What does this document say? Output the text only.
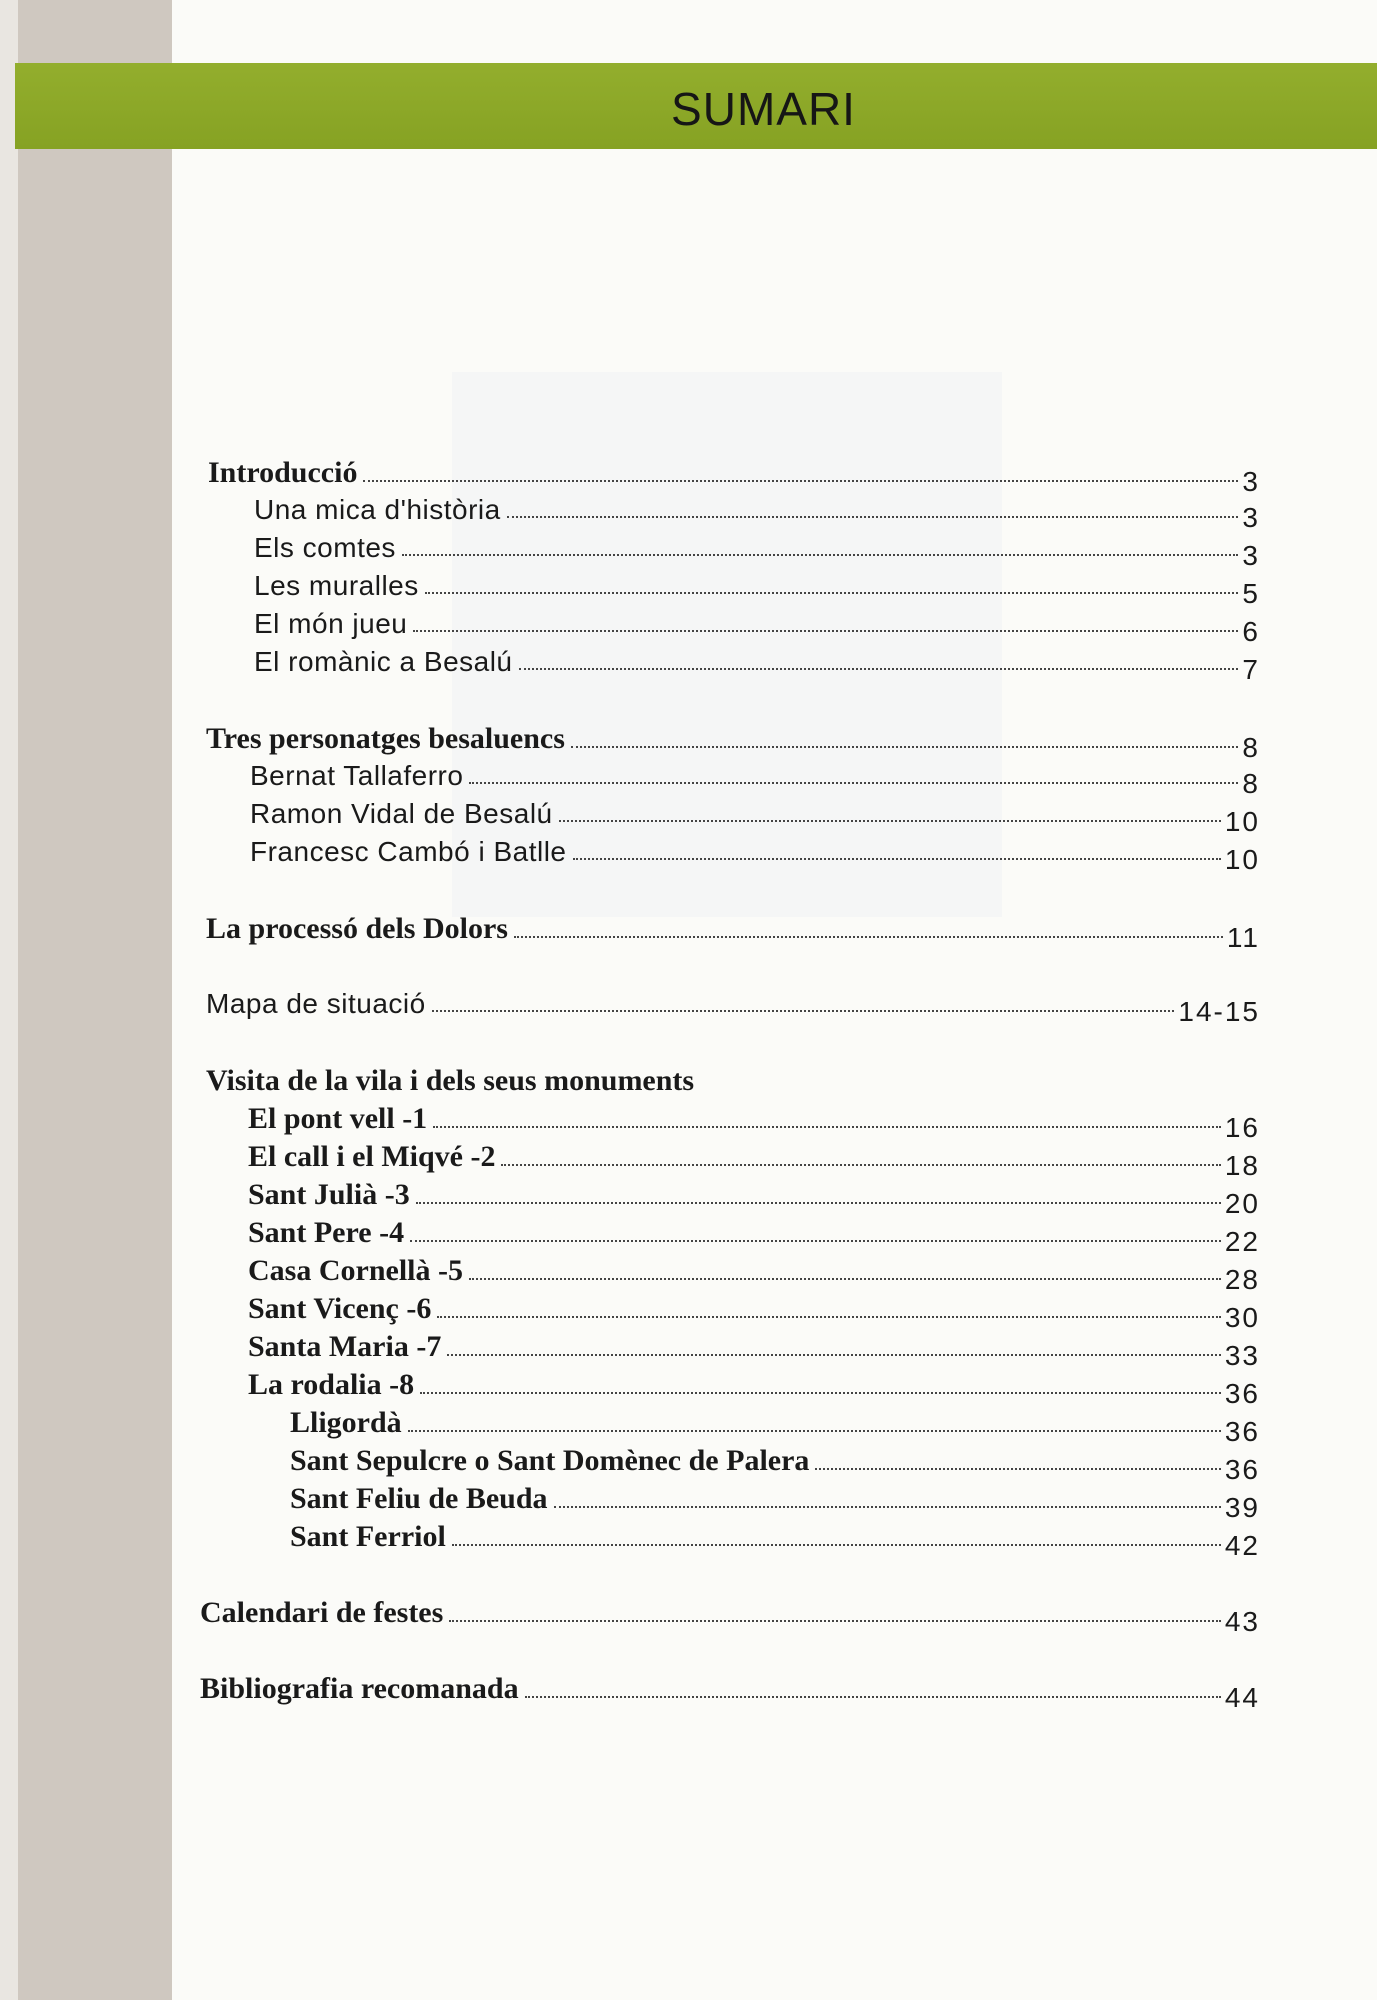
SUMARI
Introducció	3
Una mica d'història	3
Els comtes	3
Les muralles	5
El món jueu	6
El romànic a Besalú	7
Tres personatges besaluencs	8
Bernat Tallaferro	8
Ramon Vidal de Besalú	10
Francesc Cambó i Batlle	10
La processó dels Dolors	11
Mapa de situació	14-15
Visita de la vila i dels seus monuments
El pont vell -1	16
El call i el Miqvé -2	18
Sant Julià -3	20
Sant Pere -4	22
Casa Cornellà -5	28
Sant Vicenç -6	30
Santa Maria -7	33
La rodalia -8	36
Lligordà	36
Sant Sepulcre o Sant Domènec de Palera	36
Sant Feliu de Beuda	39
Sant Ferriol	42
Calendari de festes	43
Bibliografia recomanada	44
